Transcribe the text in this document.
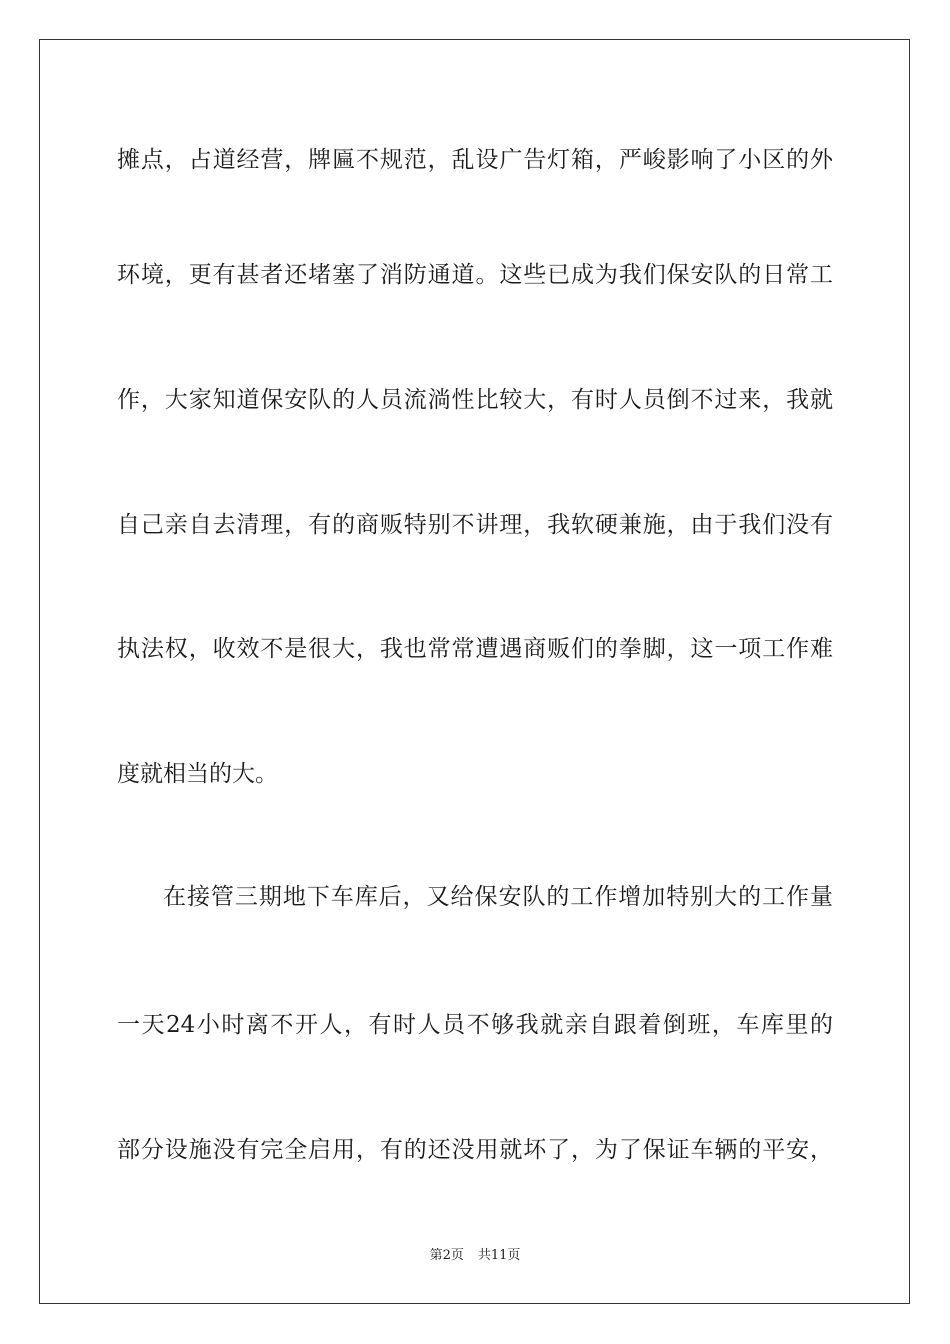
摊点，占道经营，牌匾不规范，乱设广告灯箱，严峻影响了小区的外
环境，更有甚者还堵塞了消防通道。这些已成为我们保安队的日常工
作，大家知道保安队的人员流淌性比较大，有时人员倒不过来，我就
自己亲自去清理，有的商贩特别不讲理，我软硬兼施，由于我们没有
执法权，收效不是很大，我也常常遭遇商贩们的拳脚，这一项工作难
度就相当的大。
在接管三期地下车库后，又给保安队的工作增加特别大的工作量
一天24小时离不开人，有时人员不够我就亲自跟着倒班，车库里的
部分设施没有完全启用，有的还没用就坏了，为了保证车辆的平安，
第2页 共11页
